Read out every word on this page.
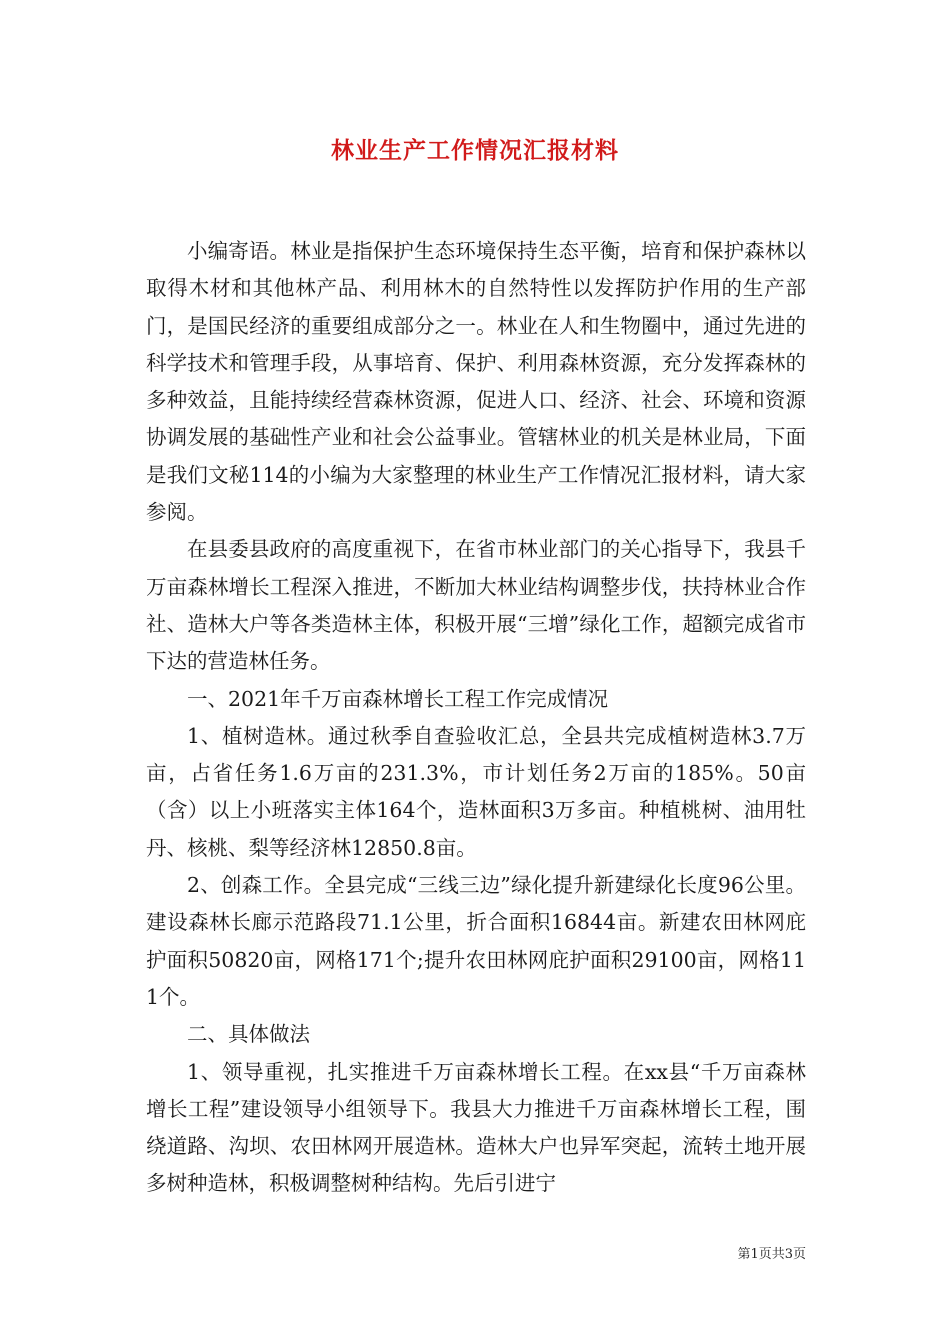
林业生产工作情况汇报材料

小编寄语。林业是指保护生态环境保持生态平衡，培育和保护森林以取得木材和其他林产品、利用林木的自然特性以发挥防护作用的生产部门，是国民经济的重要组成部分之一。林业在人和生物圈中，通过先进的科学技术和管理手段，从事培育、保护、利用森林资源，充分发挥森林的多种效益，且能持续经营森林资源，促进人口、经济、社会、环境和资源协调发展的基础性产业和社会公益事业。管辖林业的机关是林业局，下面是我们文秘114的小编为大家整理的林业生产工作情况汇报材料，请大家参阅。

在县委县政府的高度重视下，在省市林业部门的关心指导下，我县千万亩森林增长工程深入推进，不断加大林业结构调整步伐，扶持林业合作社、造林大户等各类造林主体，积极开展“三增”绿化工作，超额完成省市下达的营造林任务。

一、2021年千万亩森林增长工程工作完成情况

1、植树造林。通过秋季自查验收汇总，全县共完成植树造林3.7万亩，占省任务1.6万亩的231.3%，市计划任务2万亩的185%。50亩（含）以上小班落实主体164个，造林面积3万多亩。种植桃树、油用牡丹、核桃、梨等经济林12850.8亩。

2、创森工作。全县完成“三线三边”绿化提升新建绿化长度96公里。建设森林长廊示范路段71.1公里，折合面积16844亩。新建农田林网庇护面积50820亩，网格171个;提升农田林网庇护面积29100亩，网格111个。

二、具体做法

1、领导重视，扎实推进千万亩森林增长工程。在xx县“千万亩森林增长工程”建设领导小组领导下。我县大力推进千万亩森林增长工程，围绕道路、沟坝、农田林网开展造林。造林大户也异军突起，流转土地开展多树种造林，积极调整树种结构。先后引进宁

第1页共3页
